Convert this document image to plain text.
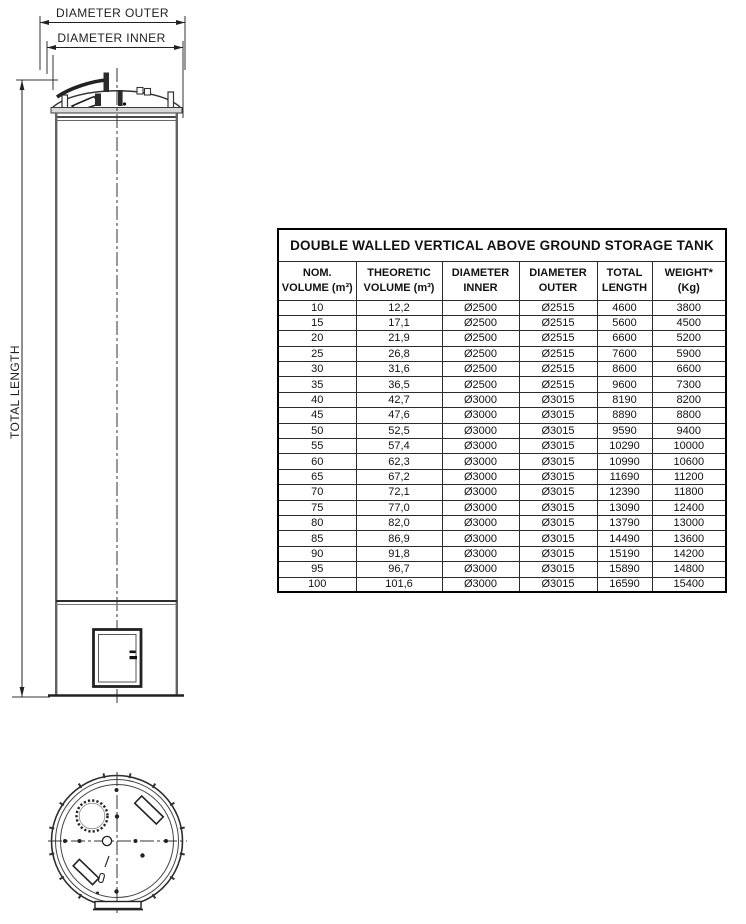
DIAMETER OUTER
DIAMETER INNER
TOTAL LENGTH
DOUBLE WALLED VERTICAL ABOVE GROUND STORAGE TANK					

NOM.
VOLUME (m³)

THEORETIC
VOLUME (m³)

DIAMETER
INNER

DIAMETER
OUTER

TOTAL
LENGTH

WEIGHT*
(Kg)

10	12,2	Ø2500	Ø2515	4600	3800
15	17,1	Ø2500	Ø2515	5600	4500
20	21,9	Ø2500	Ø2515	6600	5200
25	26,8	Ø2500	Ø2515	7600	5900
30	31,6	Ø2500	Ø2515	8600	6600
35	36,5	Ø2500	Ø2515	9600	7300
40	42,7	Ø3000	Ø3015	8190	8200
45	47,6	Ø3000	Ø3015	8890	8800
50	52,5	Ø3000	Ø3015	9590	9400
55	57,4	Ø3000	Ø3015	10290	10000
60	62,3	Ø3000	Ø3015	10990	10600
65	67,2	Ø3000	Ø3015	11690	11200
70	72,1	Ø3000	Ø3015	12390	11800
75	77,0	Ø3000	Ø3015	13090	12400
80	82,0	Ø3000	Ø3015	13790	13000
85	86,9	Ø3000	Ø3015	14490	13600
90	91,8	Ø3000	Ø3015	15190	14200
95	96,7	Ø3000	Ø3015	15890	14800
100	101,6	Ø3000	Ø3015	16590	15400
